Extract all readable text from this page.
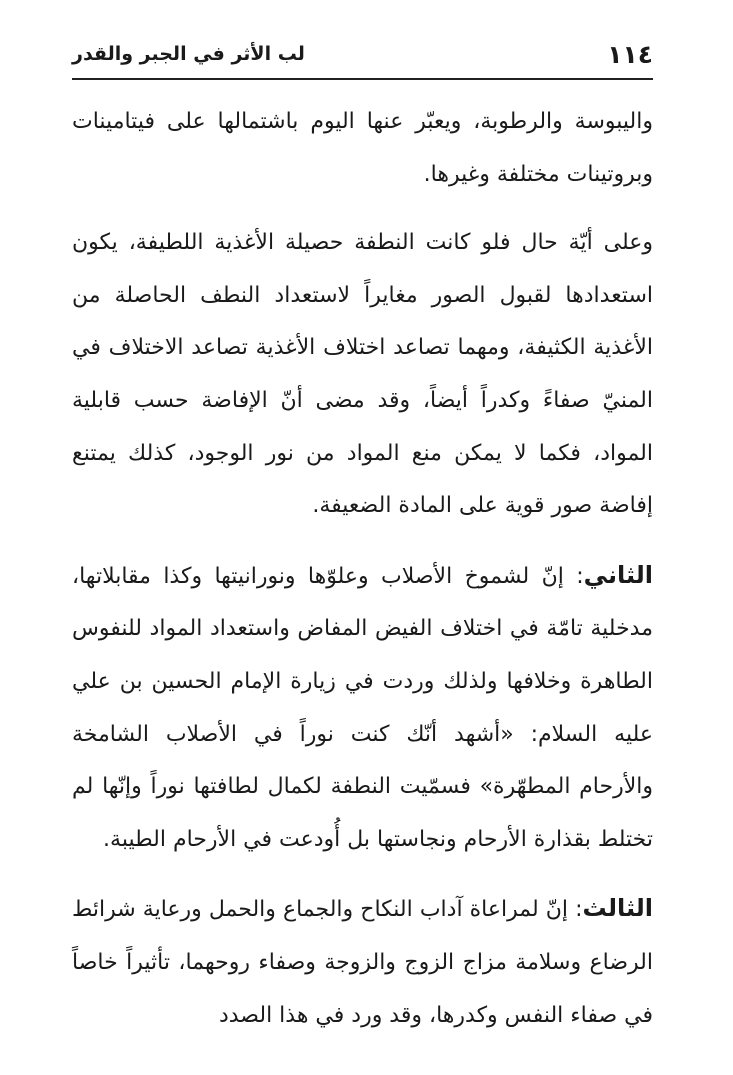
١١٤
لب الأثر في الجبر والقدر

واليبوسة والرطوبة، ويعبّر عنها اليوم باشتمالها على فيتامينات وبروتينات مختلفة وغيرها.

وعلى أيّة حال فلو كانت النطفة حصيلة الأغذية اللطيفة، يكون استعدادها لقبول الصور مغايراً لاستعداد النطف الحاصلة من الأغذية الكثيفة، ومهما تصاعد اختلاف الأغذية تصاعد الاختلاف في المنيّ صفاءً وكدراً أيضاً، وقد مضى أنّ الإفاضة حسب قابلية المواد، فكما لا يمكن منع المواد من نور الوجود، كذلك يمتنع إفاضة صور قوية على المادة الضعيفة.

الثاني: إنّ لشموخ الأصلاب وعلوّها ونورانيتها وكذا مقابلاتها، مدخلية تامّة في اختلاف الفيض المفاض واستعداد المواد للنفوس الطاهرة وخلافها ولذلك وردت في زيارة الإمام الحسين بن علي عليه السلام: «أشهد أنّك كنت نوراً في الأصلاب الشامخة والأرحام المطهّرة» فسمّيت النطفة لكمال لطافتها نوراً وإنّها لم تختلط بقذارة الأرحام ونجاستها بل أُودعت في الأرحام الطيبة.

الثالث: إنّ لمراعاة آداب النكاح والجماع والحمل ورعاية شرائط الرضاع وسلامة مزاج الزوج والزوجة وصفاء روحهما، تأثيراً خاصاً في صفاء النفس وكدرها، وقد ورد في هذا الصدد
